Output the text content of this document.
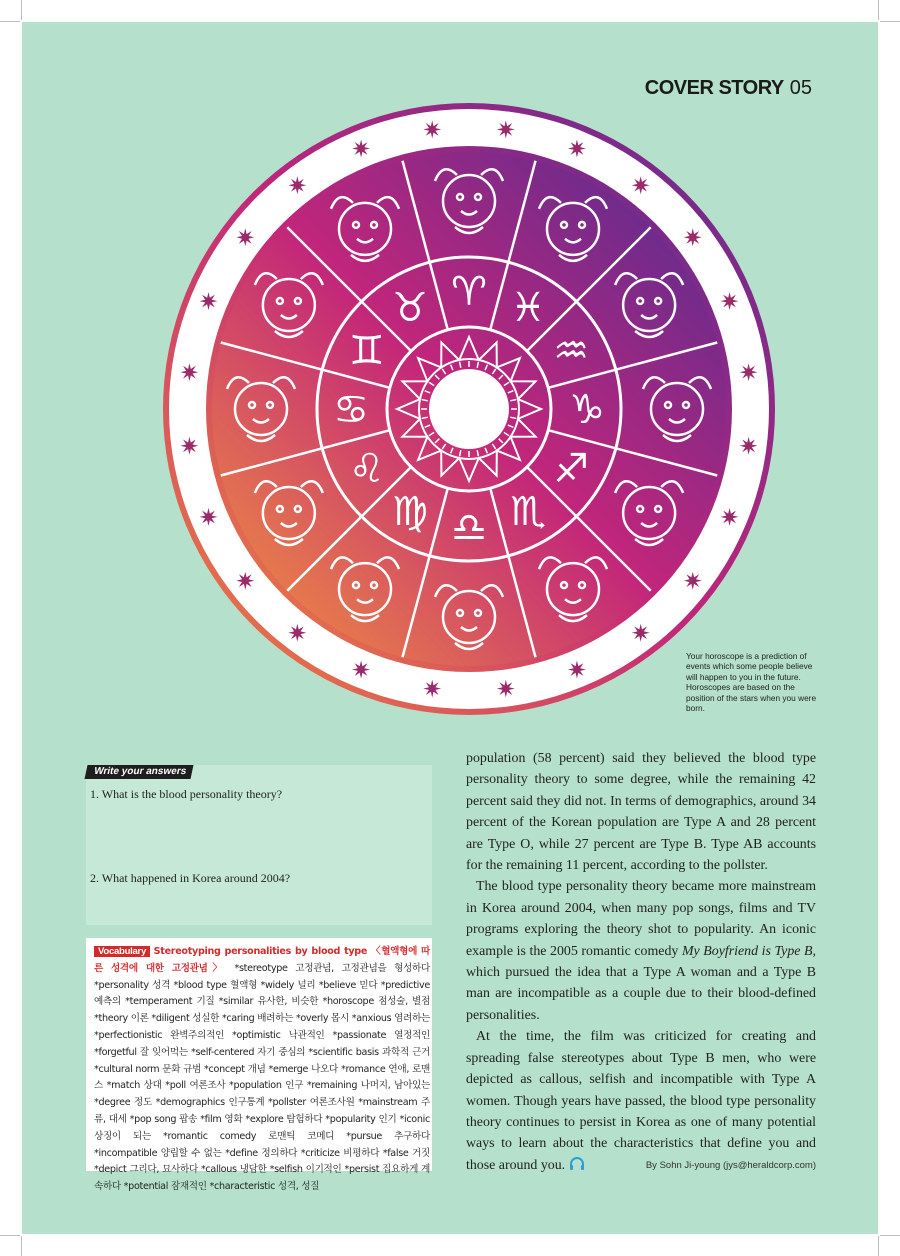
COVER STORY 05
♈
♉
♊
♋
♌
♍ ♎ ♏
♐
♑
♒
♓
Your horoscope is a prediction of events which some people believe will happen to you in the future. Horoscopes are based on the position of the stars when you were born.
Write your answers
1. What is the blood personality theory?
2. What happened in Korea around 2004?
Vocabulary Stereotyping personalities by blood type 〈혈액형에 따른 성격에 대한 고정관념〉 *stereotype 고정관념, 고정관념을 형성하다 *personality 성격 *blood type 혈액형 *widely 널리 *believe 믿다 *predictive 예측의 *temperament 기질 *similar 유사한, 비슷한 *horoscope 점성술, 별점 *theory 이론 *diligent 성실한 *caring 배려하는 *overly 몹시 *anxious 염려하는 *perfectionistic 완벽주의적인 *optimistic 낙관적인 *passionate 열정적인 *forgetful 잘 잊어먹는 *self-centered 자기 중심의 *scientific basis 과학적 근거 *cultural norm 문화 규범 *concept 개념 *emerge 나오다 *romance 연애, 로맨스 *match 상대 *poll 여론조사 *population 인구 *remaining 나머지, 남아있는 *degree 정도 *demographics 인구통계 *pollster 여론조사원 *mainstream 주류, 대세 *pop song 팝송 *film 영화 *explore 탐험하다 *popularity 인기 *iconic 상징이 되는 *romantic comedy 로맨틱 코메디 *pursue 추구하다 *incompatible 양립할 수 없는 *define 정의하다 *criticize 비평하다 *false 거짓 *depict 그리다, 묘사하다 *callous 냉담한 *selfish 이기적인 *persist 집요하게 계속하다 *potential 잠재적인 *characteristic 성격, 성질

population (58 percent) said they believed the blood type personality theory to some degree, while the remaining 42 percent said they did not. In terms of demographics, around 34 percent of the Korean population are Type A and 28 percent are Type O, while 27 percent are Type B. Type AB accounts for the remaining 11 percent, according to the pollster.

The blood type personality theory became more mainstream in Korea around 2004, when many pop songs, films and TV programs exploring the theory shot to popularity. An iconic example is the 2005 romantic comedy My Boyfriend is Type B, which pursued the idea that a Type A woman and a Type B man are incompatible as a couple due to their blood-defined personalities.

At the time, the film was criticized for creating and spreading false stereotypes about Type B men, who were depicted as callous, selfish and incompatible with Type A women. Though years have passed, the blood type personality theory continues to persist in Korea as one of many potential ways to learn about the characteristics that define you and those around you.	By Sohn Ji-young (jys@heraldcorp.com)
